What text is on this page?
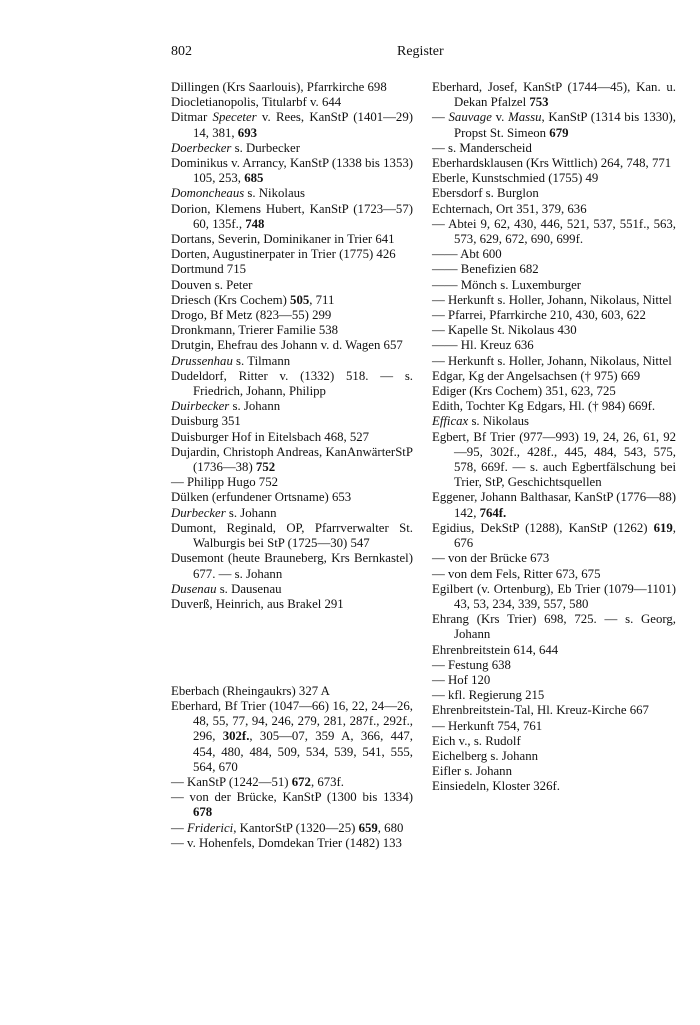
802	Register

Dillingen (Krs Saarlouis), Pfarrkirche 698

Diocletianopolis, Titularbf v. 644

Ditmar Speceter v. Rees, KanStP (1401—29) 14, 381, 693

Doerbecker s. Durbecker

Dominikus v. Arrancy, KanStP (1338 bis 1353) 105, 253, 685

Domoncheaus s. Nikolaus

Dorion, Klemens Hubert, KanStP (1723—57) 60, 135f., 748

Dortans, Severin, Dominikaner in Trier 641

Dorten, Augustinerpater in Trier (1775) 426

Dortmund 715

Douven s. Peter

Driesch (Krs Cochem) 505, 711

Drogo, Bf Metz (823—55) 299

Dronkmann, Trierer Familie 538

Drutgin, Ehefrau des Johann v. d. Wagen 657

Drussenhau s. Tilmann

Dudeldorf, Ritter v. (1332) 518. — s. Friedrich, Johann, Philipp

Duirbecker s. Johann

Duisburg 351

Duisburger Hof in Eitelsbach 468, 527

Dujardin, Christoph Andreas, KanAnwärterStP (1736—38) 752

— Philipp Hugo 752

Dülken (erfundener Ortsname) 653

Durbecker s. Johann

Dumont, Reginald, OP, Pfarrverwalter St. Walburgis bei StP (1725—30) 547

Dusemont (heute Brauneberg, Krs Bernkastel) 677. — s. Johann

Dusenau s. Dausenau

Duverß, Heinrich, aus Brakel 291

Eberbach (Rheingaukrs) 327 A

Eberhard, Bf Trier (1047—66) 16, 22, 24—26, 48, 55, 77, 94, 246, 279, 281, 287f., 292f., 296, 302f., 305—07, 359 A, 366, 447, 454, 480, 484, 509, 534, 539, 541, 555, 564, 670

— KanStP (1242—51) 672, 673f.

— von der Brücke, KanStP (1300 bis 1334) 678

— Friderici, KantorStP (1320—25) 659, 680

— v. Hohenfels, Domdekan Trier (1482) 133

Eberhard, Josef, KanStP (1744—45), Kan. u. Dekan Pfalzel 753

— Sauvage v. Massu, KanStP (1314 bis 1330), Propst St. Simeon 679

— s. Manderscheid

Eberhardsklausen (Krs Wittlich) 264, 748, 771

Eberle, Kunstschmied (1755) 49

Ebersdorf s. Burglon

Echternach, Ort 351, 379, 636

— Abtei 9, 62, 430, 446, 521, 537, 551f., 563, 573, 629, 672, 690, 699f.

—— Abt 600

—— Benefizien 682

—— Mönch s. Luxemburger

— Herkunft s. Holler, Johann, Nikolaus, Nittel

— Pfarrei, Pfarrkirche 210, 430, 603, 622

— Kapelle St. Nikolaus 430

—— Hl. Kreuz 636

— Herkunft s. Holler, Johann, Nikolaus, Nittel

Edgar, Kg der Angelsachsen († 975) 669

Ediger (Krs Cochem) 351, 623, 725

Edith, Tochter Kg Edgars, Hl. († 984) 669f.

Efficax s. Nikolaus

Egbert, Bf Trier (977—993) 19, 24, 26, 61, 92—95, 302f., 428f., 445, 484, 543, 575, 578, 669f. — s. auch Egbertfälschung bei Trier, StP, Geschichtsquellen

Eggener, Johann Balthasar, KanStP (1776—88) 142, 764f.

Egidius, DekStP (1288), KanStP (1262) 619, 676

— von der Brücke 673

— von dem Fels, Ritter 673, 675

Egilbert (v. Ortenburg), Eb Trier (1079—1101) 43, 53, 234, 339, 557, 580

Ehrang (Krs Trier) 698, 725. — s. Georg, Johann

Ehrenbreitstein 614, 644

— Festung 638

— Hof 120

— kfl. Regierung 215

Ehrenbreitstein-Tal, Hl. Kreuz-Kirche 667

— Herkunft 754, 761

Eich v., s. Rudolf

Eichelberg s. Johann

Eifler s. Johann

Einsiedeln, Kloster 326f.
